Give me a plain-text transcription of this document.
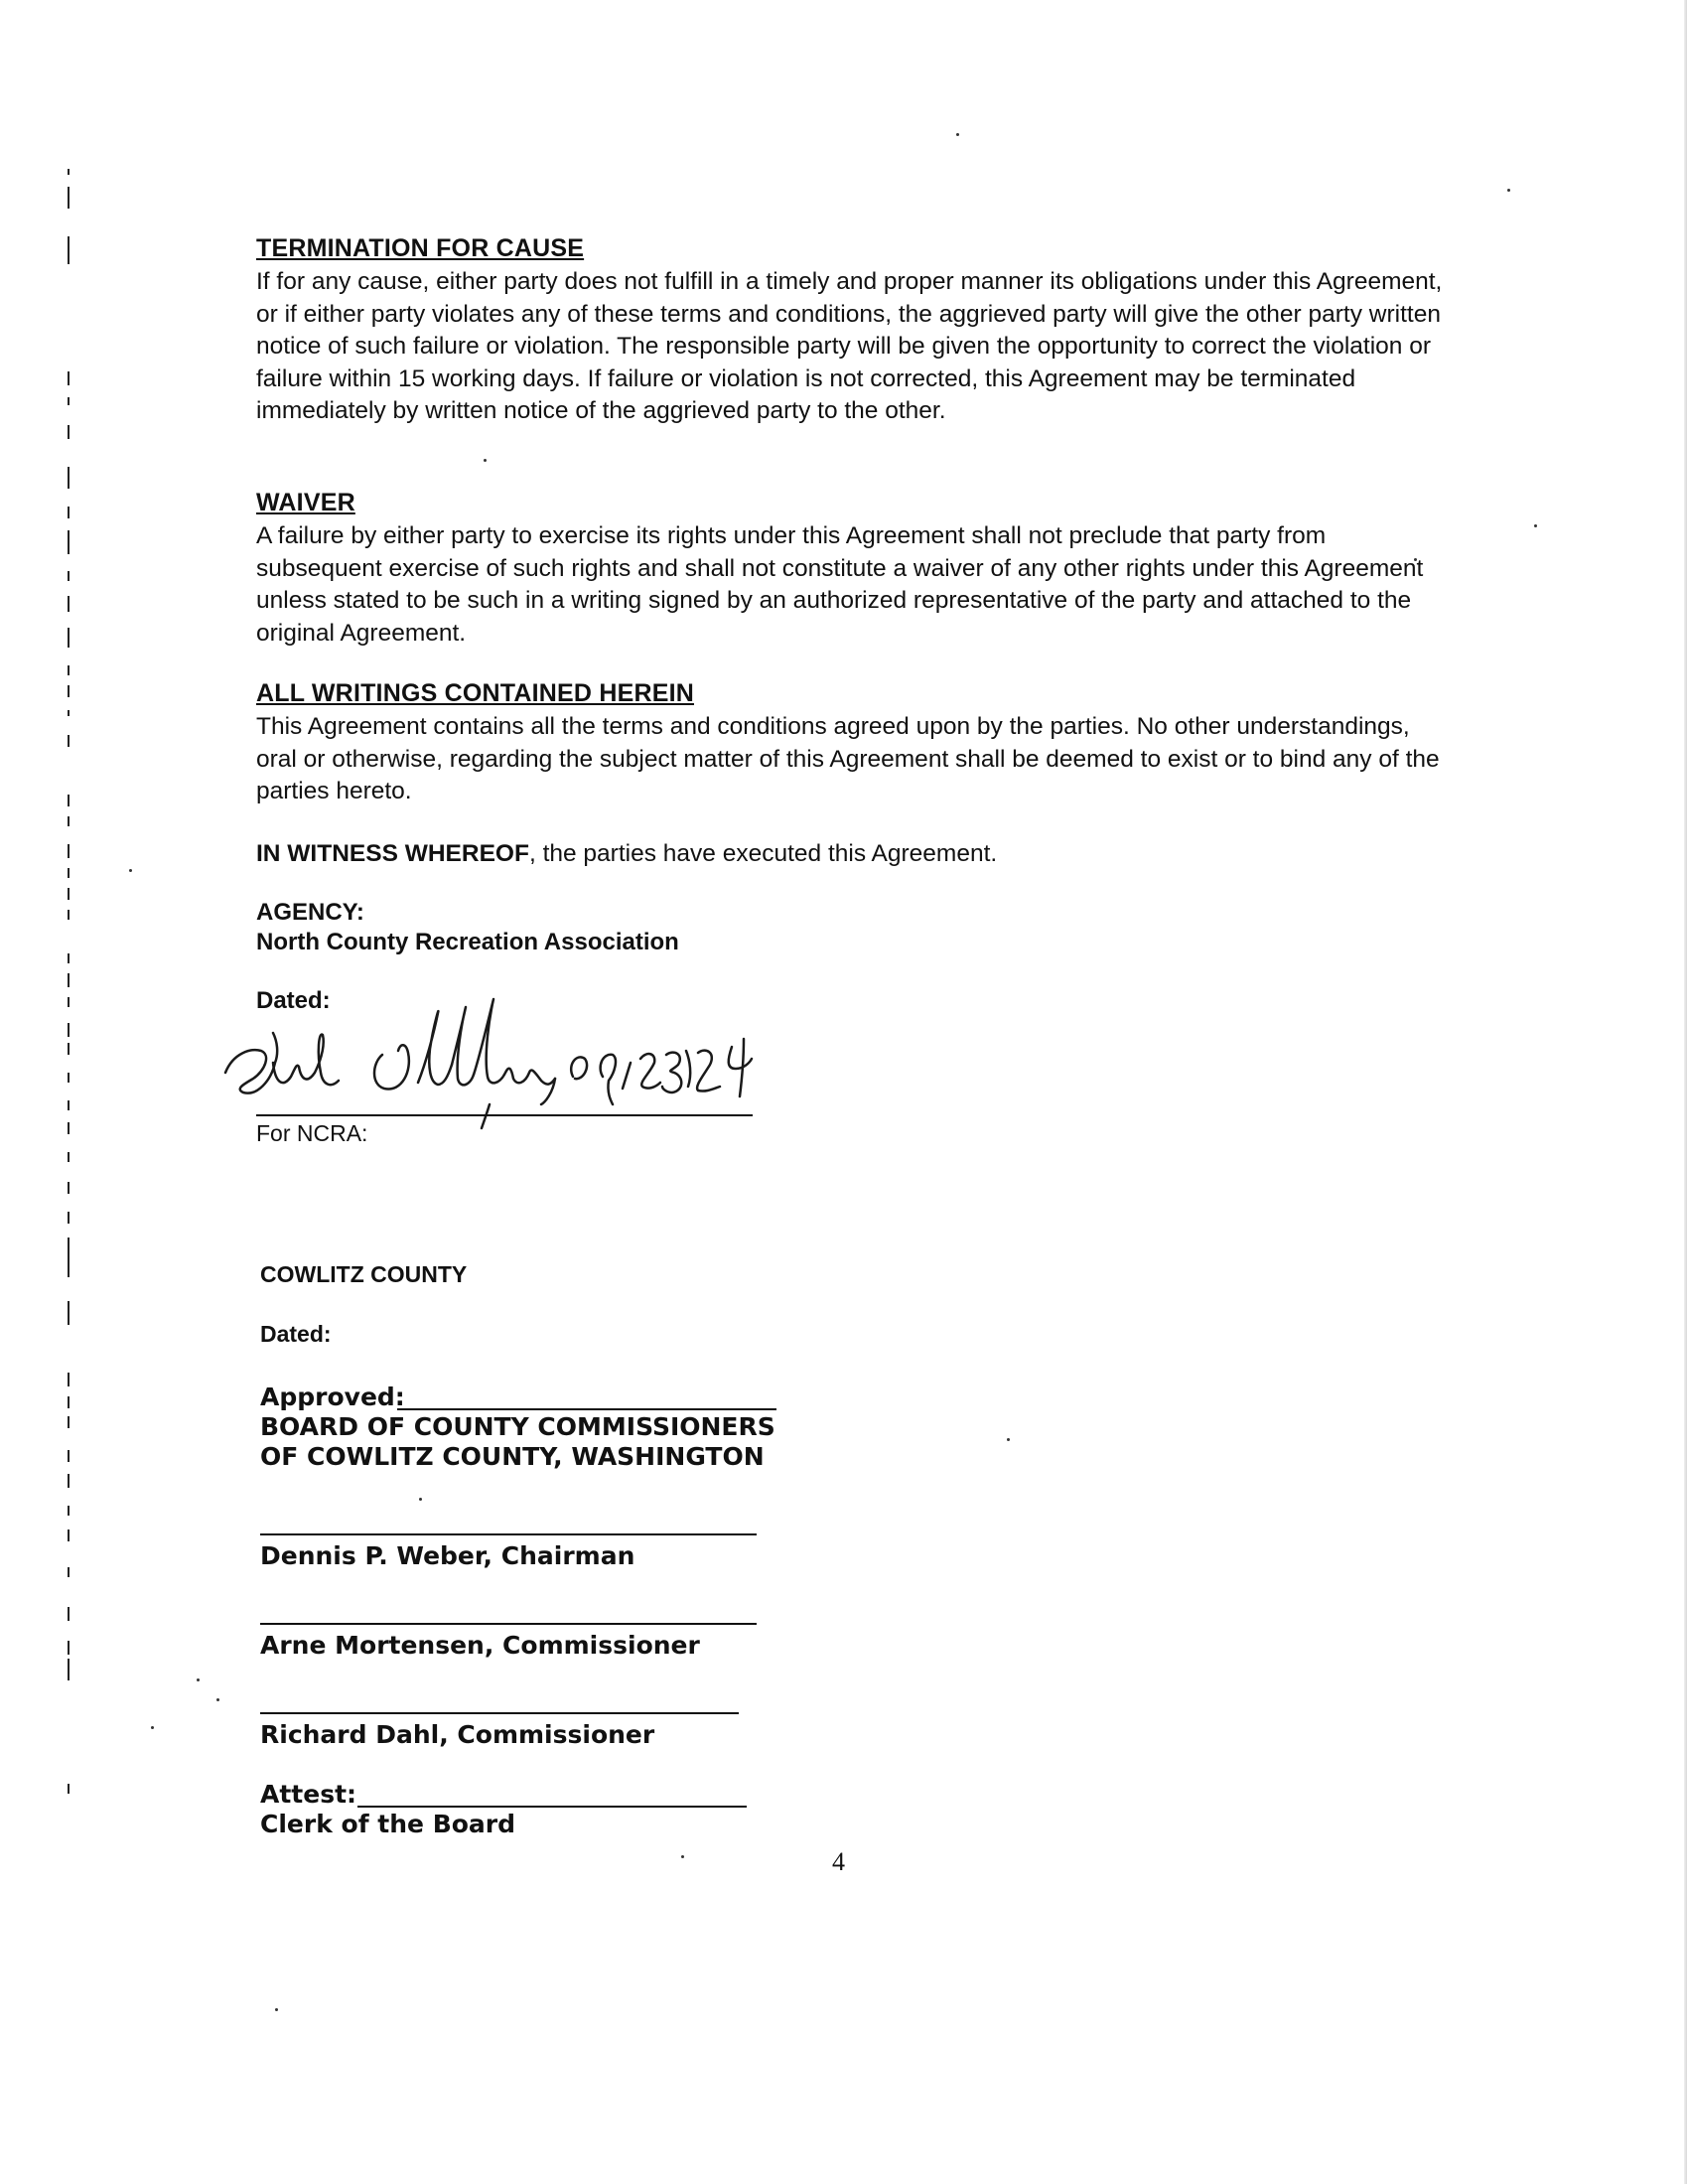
TERMINATION FOR CAUSE

If for any cause, either party does not fulfill in a timely and proper manner its obligations under this Agreement, or if either party violates any of these terms and conditions, the aggrieved party will give the other party written notice of such failure or violation. The responsible party will be given the opportunity to correct the violation or failure within 15 working days. If failure or violation is not corrected, this Agreement may be terminated immediately by written notice of the aggrieved party to the other.

WAIVER

A failure by either party to exercise its rights under this Agreement shall not preclude that party from subsequent exercise of such rights and shall not constitute a waiver of any other rights under this Agreement unless stated to be such in a writing signed by an authorized representative of the party and attached to the original Agreement.

ALL WRITINGS CONTAINED HEREIN

This Agreement contains all the terms and conditions agreed upon by the parties. No other understandings, oral or otherwise, regarding the subject matter of this Agreement shall be deemed to exist or to bind any of the parties hereto.

IN WITNESS WHEREOF, the parties have executed this Agreement.

AGENCY:

North County Recreation Association

Dated:

For NCRA:

COWLITZ COUNTY

Dated:

Approved:

BOARD OF COUNTY COMMISSIONERS

OF COWLITZ COUNTY, WASHINGTON

Dennis P. Weber, Chairman

Arne Mortensen, Commissioner

Richard Dahl, Commissioner

Attest:

Clerk of the Board

4
